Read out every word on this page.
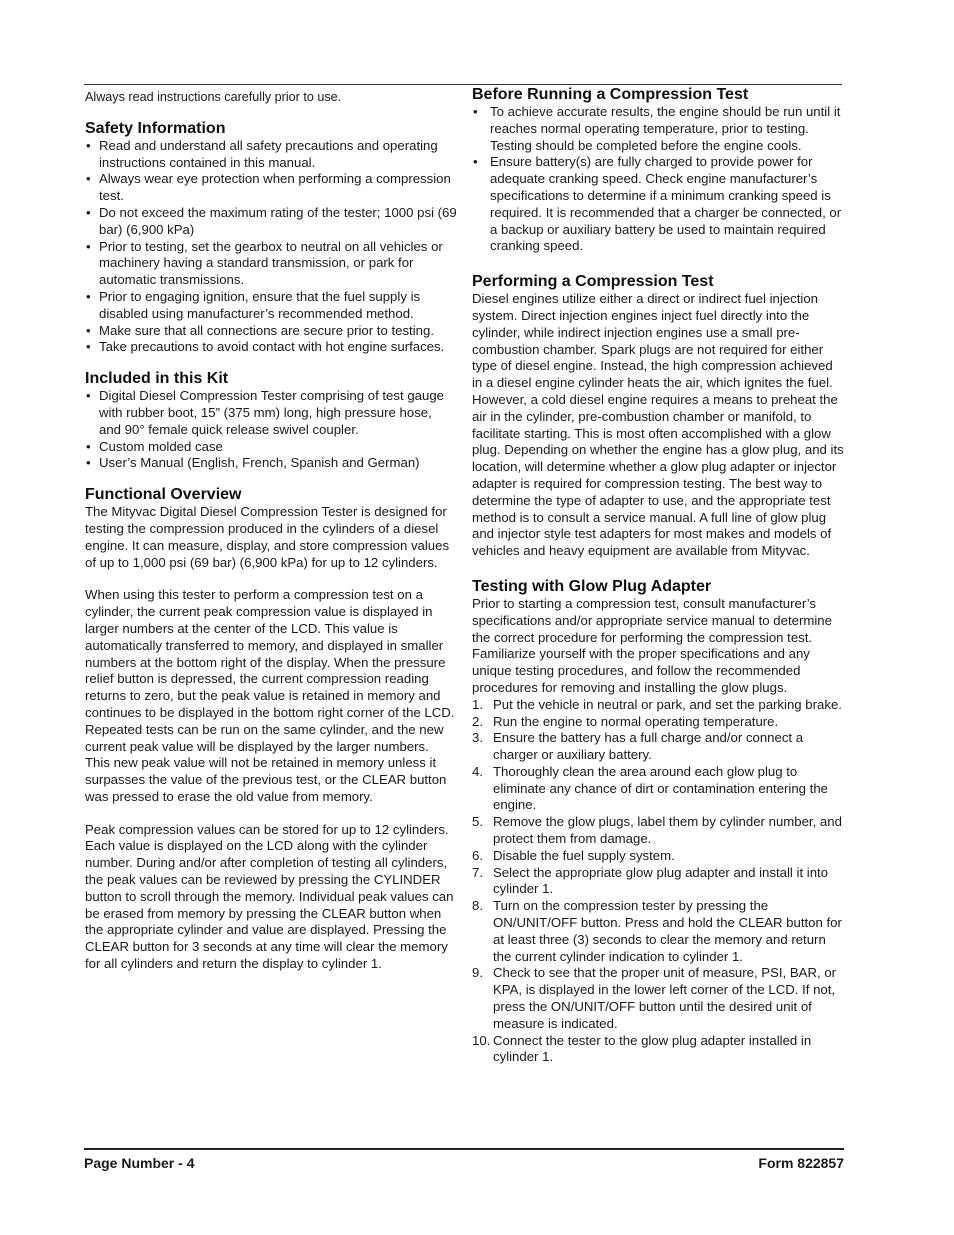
Always read instructions carefully prior to use.

Safety Information
• Read and understand all safety precautions and operating instructions contained in this manual.
• Always wear eye protection when performing a compression test.
• Do not exceed the maximum rating of the tester; 1000 psi (69 bar) (6,900 kPa)
• Prior to testing, set the gearbox to neutral on all vehicles or machinery having a standard transmission, or park for automatic transmissions.
• Prior to engaging ignition, ensure that the fuel supply is disabled using manufacturer’s recommended method.
• Make sure that all connections are secure prior to testing.
• Take precautions to avoid contact with hot engine surfaces.
Included in this Kit
• Digital Diesel Compression Tester comprising of test gauge with rubber boot, 15” (375 mm) long, high pressure hose, and 90° female quick release swivel coupler.
• Custom molded case
• User’s Manual (English, French, Spanish and German)
Functional Overview

The Mityvac Digital Diesel Compression Tester is designed for testing the compression produced in the cylinders of a diesel engine. It can measure, display, and store compression values of up to 1,000 psi (69 bar) (6,900 kPa) for up to 12 cylinders.

When using this tester to perform a compression test on a cylinder, the current peak compression value is displayed in larger numbers at the center of the LCD. This value is automatically transferred to memory, and displayed in smaller numbers at the bottom right of the display. When the pressure relief button is depressed, the current compression reading returns to zero, but the peak value is retained in memory and continues to be displayed in the bottom right corner of the LCD. Repeated tests can be run on the same cylinder, and the new current peak value will be displayed by the larger numbers. This new peak value will not be retained in memory unless it surpasses the value of the previous test, or the CLEAR button was pressed to erase the old value from memory.

Peak compression values can be stored for up to 12 cylinders. Each value is displayed on the LCD along with the cylinder number. During and/or after completion of testing all cylinders, the peak values can be reviewed by pressing the CYLINDER button to scroll through the memory. Individual peak values can be erased from memory by pressing the CLEAR button when the appropriate cylinder and value are displayed. Pressing the CLEAR button for 3 seconds at any time will clear the memory for all cylinders and return the display to cylinder 1.

Before Running a Compression Test
• To achieve accurate results, the engine should be run until it reaches normal operating temperature, prior to testing. Testing should be completed before the engine cools.
• Ensure battery(s) are fully charged to provide power for adequate cranking speed. Check engine manufacturer’s specifications to determine if a minimum cranking speed is required. It is recommended that a charger be connected, or a backup or auxiliary battery be used to maintain required cranking speed.
Performing a Compression Test

Diesel engines utilize either a direct or indirect fuel injection system. Direct injection engines inject fuel directly into the cylinder, while indirect injection engines use a small pre-combustion chamber. Spark plugs are not required for either type of diesel engine. Instead, the high compression achieved in a diesel engine cylinder heats the air, which ignites the fuel. However, a cold diesel engine requires a means to preheat the air in the cylinder, pre-combustion chamber or manifold, to facilitate starting. This is most often accomplished with a glow plug. Depending on whether the engine has a glow plug, and its location, will determine whether a glow plug adapter or injector adapter is required for compression testing. The best way to determine the type of adapter to use, and the appropriate test method is to consult a service manual. A full line of glow plug and injector style test adapters for most makes and models of vehicles and heavy equipment are available from Mityvac.

Testing with Glow Plug Adapter

Prior to starting a compression test, consult manufacturer’s specifications and/or appropriate service manual to determine the correct procedure for performing the compression test. Familiarize yourself with the proper specifications and any unique testing procedures, and follow the recommended procedures for removing and installing the glow plugs.

1. Put the vehicle in neutral or park, and set the parking brake.
2. Run the engine to normal operating temperature.
3. Ensure the battery has a full charge and/or connect a charger or auxiliary battery.
4. Thoroughly clean the area around each glow plug to eliminate any chance of dirt or contamination entering the engine.
5. Remove the glow plugs, label them by cylinder number, and protect them from damage.
6. Disable the fuel supply system.
7. Select the appropriate glow plug adapter and install it into cylinder 1.
8. Turn on the compression tester by pressing the ON/UNIT/OFF button. Press and hold the CLEAR button for at least three (3) seconds to clear the memory and return the current cylinder indication to cylinder 1.
9. Check to see that the proper unit of measure, PSI, BAR, or KPA, is displayed in the lower left corner of the LCD. If not, press the ON/UNIT/OFF button until the desired unit of measure is indicated.
10. Connect the tester to the glow plug adapter installed in cylinder 1.
Page Number - 4	Form 822857
